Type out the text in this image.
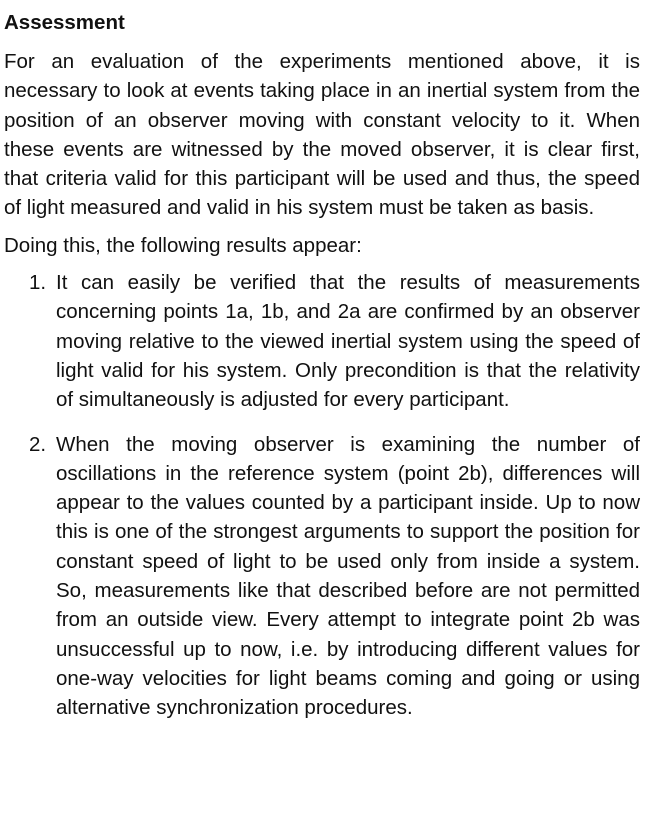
Assessment

For an evaluation of the experiments mentioned above, it is necessary to look at events taking place in an inertial system from the position of an observer moving with constant velocity to it. When these events are witnessed by the moved observer, it is clear first, that criteria valid for this participant will be used and thus, the speed of light measured and valid in his system must be taken as basis.

Doing this, the following results appear:

1. It can easily be verified that the results of measurements concerning points 1a, 1b, and 2a are confirmed by an observer moving relative to the viewed inertial system using the speed of light valid for his system. Only precondition is that the relativity of simultaneously is adjusted for every participant.
2. When the moving observer is examining the number of oscillations in the reference system (point 2b), differences will appear to the values counted by a participant inside. Up to now this is one of the strongest arguments to support the position for constant speed of light to be used only from inside a system. So, measurements like that described before are not permitted from an outside view. Every attempt to integrate point 2b was unsuccessful up to now, i.e. by introducing different values for one-way velocities for light beams coming and going or using alternative synchronization procedures.
